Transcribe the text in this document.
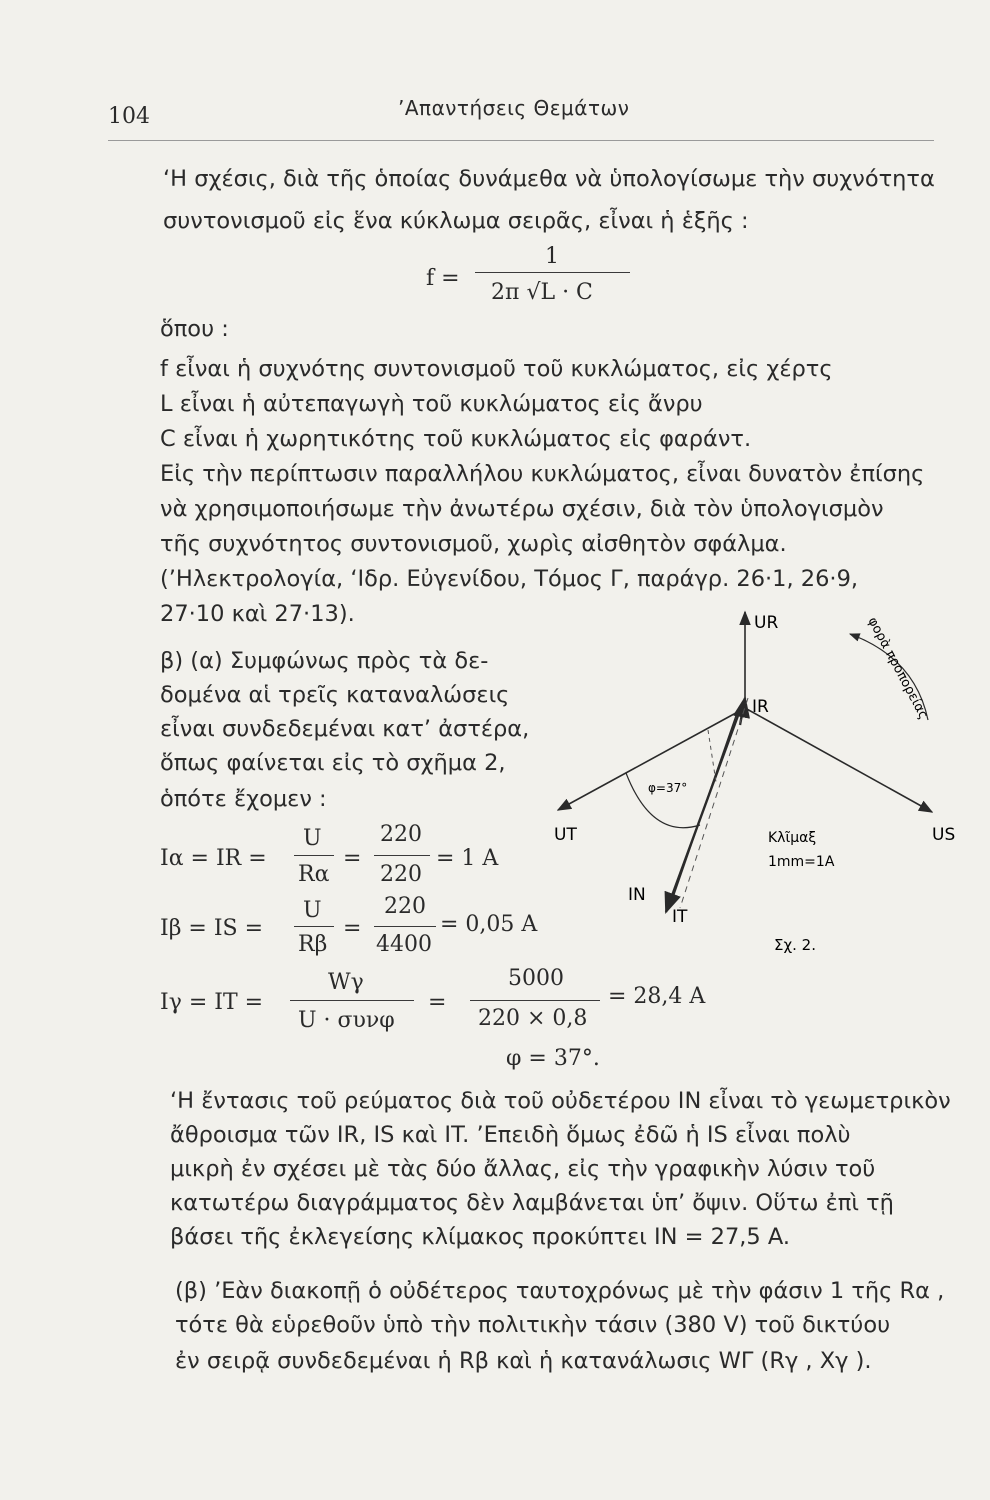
104	’Απαντήσεις Θεμάτων
‘Η σχέσις, διὰ τῆς ὁποίας δυνάμεθα νὰ ὑπολογίσωμε τὴν συχνότητα
συντονισμοῦ εἰς ἕνα κύκλωμα σειρᾶς, εἶναι ἡ ἑξῆς :
f =
1
2π √L · C
ὅπου :
f εἶναι ἡ συχνότης συντονισμοῦ τοῦ κυκλώματος, εἰς χέρτς
L εἶναι ἡ αὐτεπαγωγὴ τοῦ κυκλώματος εἰς ἄνρυ
C εἶναι ἡ χωρητικότης τοῦ κυκλώματος εἰς φαράντ.
Εἰς τὴν περίπτωσιν παραλλήλου κυκλώματος, εἶναι δυνατὸν ἐπίσης
νὰ χρησιμοποιήσωμε τὴν ἀνωτέρω σχέσιν, διὰ τὸν ὑπολογισμὸν
τῆς συχνότητος συντονισμοῦ, χωρὶς αἰσθητὸν σφάλμα.
(’Ηλεκτρολογία, ‘Ιδρ. Εὐγενίδου, Τόμος Γ, παράγρ. 26·1, 26·9,
27·10 καὶ 27·13).
β) (α) Συμφώνως πρὸς τὰ δε-
δομένα αἱ τρεῖς καταναλώσεις
εἶναι συνδεδεμέναι κατ’ ἀστέρα,
ὅπως φαίνεται εἰς τὸ σχῆμα 2,
ὁπότε ἔχομεν :
Iα = IR =
U
Rα
=
220
220
= 1 A
Iβ = IS =
U
Rβ
=
220
4400
= 0,05 A
Iγ = IT =
Wγ
U · συνφ
=
5000
220 × 0,8
= 28,4 A
φ = 37°.
UR
IR
UT	US
IN
IT
φ=37°
Κλῖμαξ
1mm=1A
φορὰ προπορείας
Σχ. 2.
‘Η ἔντασις τοῦ ρεύματος διὰ τοῦ οὐδετέρου IN εἶναι τὸ γεωμετρικὸν
ἄθροισμα τῶν IR, IS καὶ IT. ’Επειδὴ ὅμως ἐδῶ ἡ IS εἶναι πολὺ
μικρὴ ἐν σχέσει μὲ τὰς δύο ἄλλας, εἰς τὴν γραφικὴν λύσιν τοῦ
κατωτέρω διαγράμματος δὲν λαμβάνεται ὑπ’ ὄψιν. Οὕτω ἐπὶ τῇ
βάσει τῆς ἐκλεγείσης κλίμακος προκύπτει IN = 27,5 A.
(β) ’Εὰν διακοπῇ ὁ οὐδέτερος ταυτοχρόνως μὲ τὴν φάσιν 1 τῆς Rα ,
τότε θὰ εὑρεθοῦν ὑπὸ τὴν πολιτικὴν τάσιν (380 V) τοῦ δικτύου
ἐν σειρᾷ συνδεδεμέναι ἡ Rβ καὶ ἡ κατανάλωσις WΓ (Rγ , Xγ ).
